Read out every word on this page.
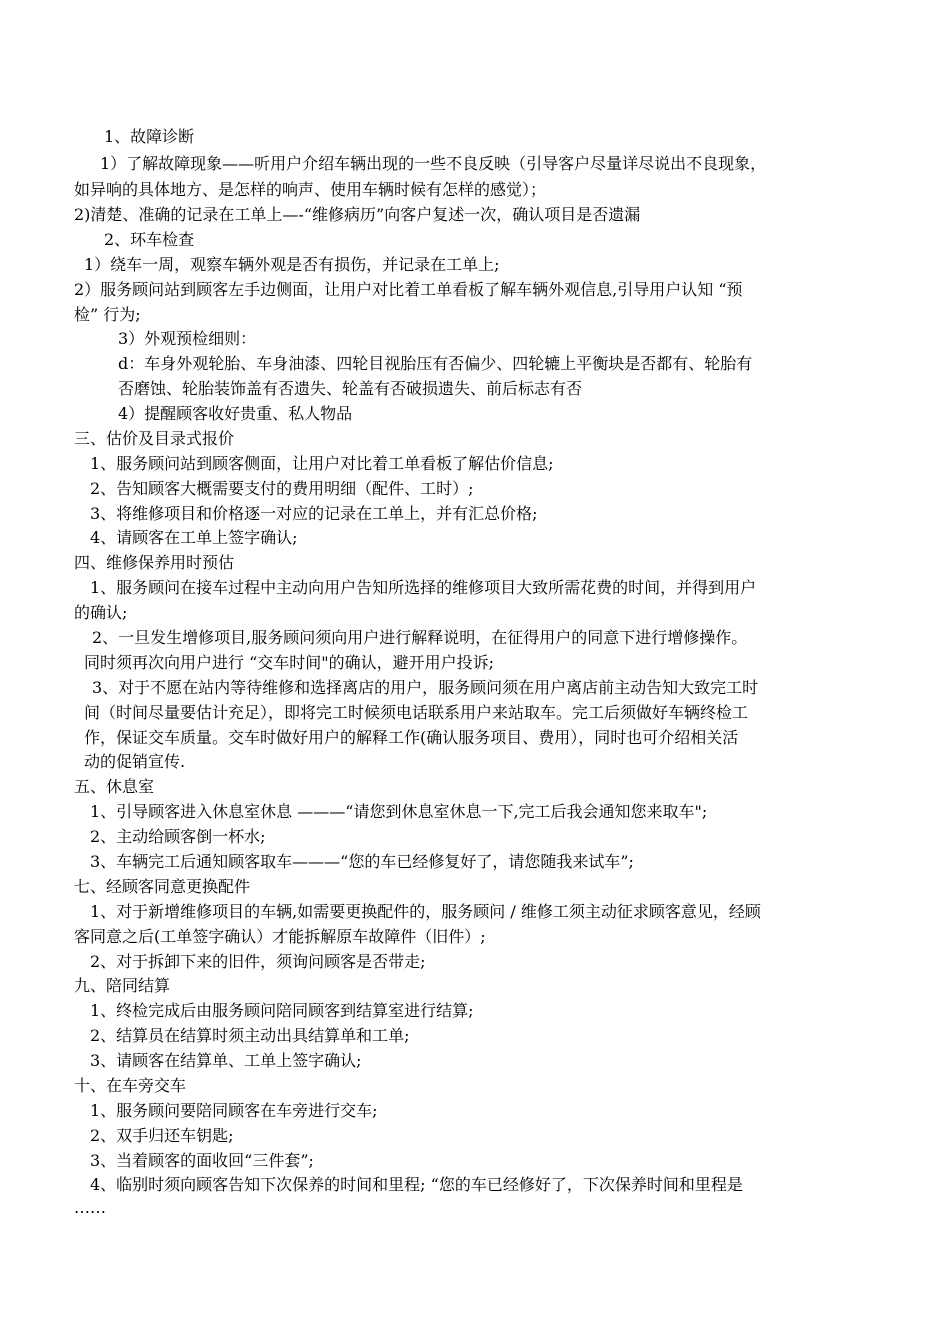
1、故障诊断
1）了解故障现象——听用户介绍车辆出现的一些不良反映（引导客户尽量详尽说出不良现象，
如异响的具体地方、是怎样的响声、使用车辆时候有怎样的感觉）；
2)清楚、准确的记录在工单上—-“维修病历”向客户复述一次，确认项目是否遗漏
2、环车检查
1）绕车一周，观察车辆外观是否有损伤，并记录在工单上;
2）服务顾问站到顾客左手边侧面，让用户对比着工单看板了解车辆外观信息,引导用户认知 “预
检” 行为;
3）外观预检细则：
d：车身外观轮胎、车身油漆、四轮目视胎压有否偏少、四轮辘上平衡块是否都有、轮胎有
否磨蚀、轮胎装饰盖有否遗失、轮盖有否破损遗失、前后标志有否
4）提醒顾客收好贵重、私人物品
三、估价及目录式报价
1、服务顾问站到顾客侧面，让用户对比着工单看板了解估价信息;
2、告知顾客大概需要支付的费用明细（配件、工时）;
3、将维修项目和价格逐一对应的记录在工单上，并有汇总价格;
4、请顾客在工单上签字确认;
四、维修保养用时预估
1、服务顾问在接车过程中主动向用户告知所选择的维修项目大致所需花费的时间，并得到用户
的确认;
2、一旦发生增修项目,服务顾问须向用户进行解释说明，在征得用户的同意下进行增修操作。
同时须再次向用户进行 “交车时间"的确认，避开用户投诉;
3、对于不愿在站内等待维修和选择离店的用户，服务顾问须在用户离店前主动告知大致完工时
间（时间尽量要估计充足），即将完工时候须电话联系用户来站取车。完工后须做好车辆终检工
作，保证交车质量。交车时做好用户的解释工作(确认服务项目、费用），同时也可介绍相关活
动的促销宣传.
五、休息室
1、引导顾客进入休息室休息 ———“请您到休息室休息一下,完工后我会通知您来取车";
2、主动给顾客倒一杯水;
3、车辆完工后通知顾客取车———“您的车已经修复好了，请您随我来试车”;
七、经顾客同意更换配件
1、对于新增维修项目的车辆,如需要更换配件的，服务顾问 / 维修工须主动征求顾客意见，经顾
客同意之后(工单签字确认）才能拆解原车故障件（旧件）;
2、对于拆卸下来的旧件，须询问顾客是否带走;
九、陪同结算
1、终检完成后由服务顾问陪同顾客到结算室进行结算;
2、结算员在结算时须主动出具结算单和工单;
3、请顾客在结算单、工单上签字确认;
十、在车旁交车
1、服务顾问要陪同顾客在车旁进行交车;
2、双手归还车钥匙;
3、当着顾客的面收回“三件套”;
4、临别时须向顾客告知下次保养的时间和里程; “您的车已经修好了，下次保养时间和里程是
……
